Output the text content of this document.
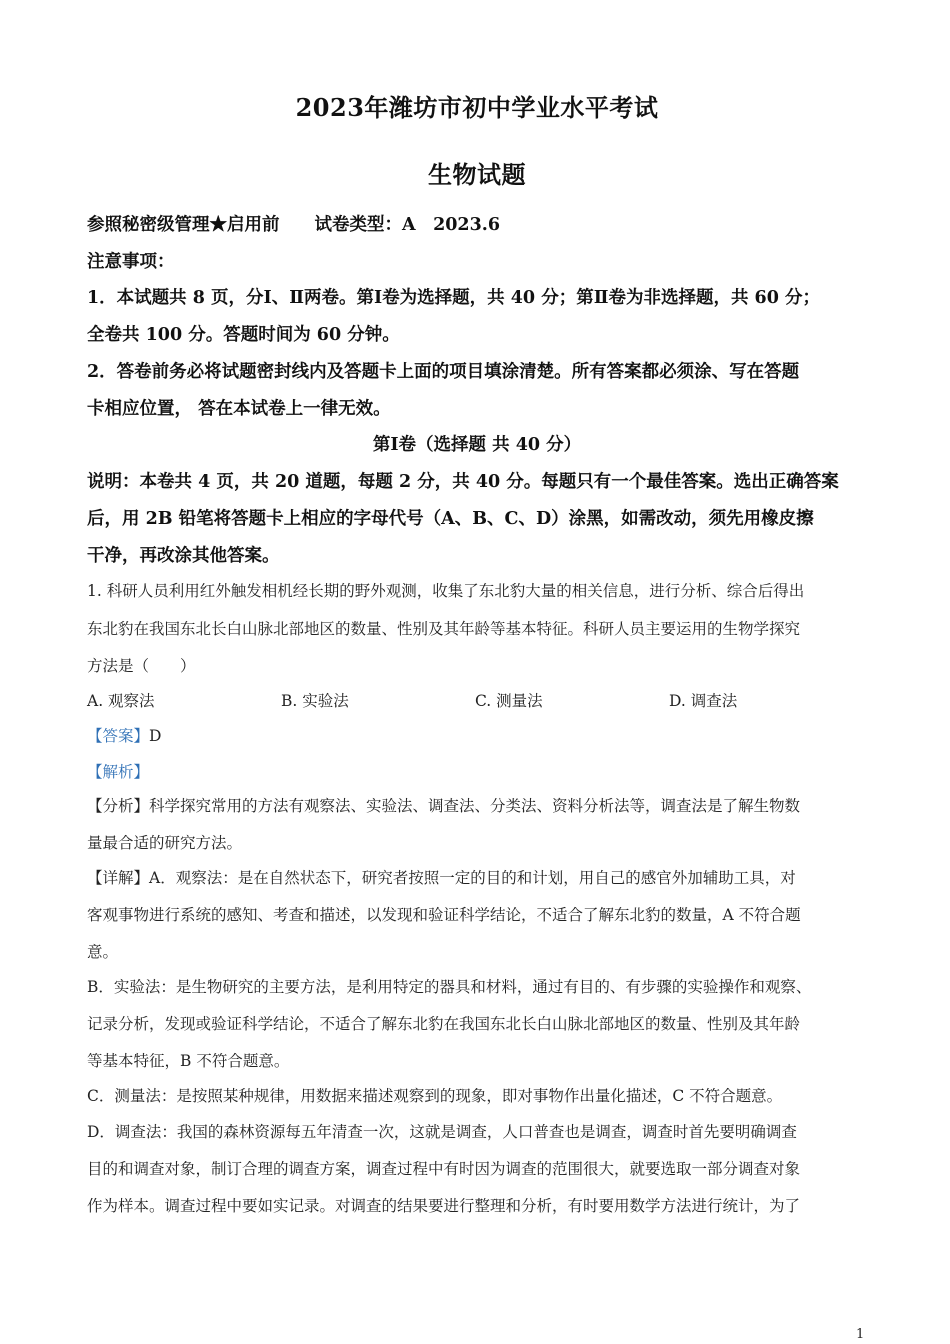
2023年潍坊市初中学业水平考试
生物试题
参照秘密级管理★启用前　　试卷类型：A　2023.6
注意事项：
1．本试题共 8 页，分Ⅰ、Ⅱ两卷。第Ⅰ卷为选择题，共 40 分；第Ⅱ卷为非选择题，共 60 分；
全卷共 100 分。答题时间为 60 分钟。
2．答卷前务必将试题密封线内及答题卡上面的项目填涂清楚。所有答案都必须涂、写在答题
卡相应位置， 答在本试卷上一律无效。
第Ⅰ卷（选择题 共 40 分）
说明：本卷共 4 页，共 20 道题，每题 2 分，共 40 分。每题只有一个最佳答案。选出正确答案
后，用 2B 铅笔将答题卡上相应的字母代号（A、B、C、D）涂黑，如需改动，须先用橡皮擦
干净，再改涂其他答案。
1. 科研人员利用红外触发相机经长期的野外观测，收集了东北豹大量的相关信息，进行分析、综合后得出
东北豹在我国东北长白山脉北部地区的数量、性别及其年龄等基本特征。科研人员主要运用的生物学探究
方法是（　　）
A. 观察法	B. 实验法	C. 测量法	D. 调查法
【答案】D
【解析】
【分析】科学探究常用的方法有观察法、实验法、调查法、分类法、资料分析法等，调查法是了解生物数
量最合适的研究方法。
【详解】A．观察法：是在自然状态下，研究者按照一定的目的和计划，用自己的感官外加辅助工具，对
客观事物进行系统的感知、考查和描述，以发现和验证科学结论，不适合了解东北豹的数量，A 不符合题
意。
B．实验法：是生物研究的主要方法，是利用特定的器具和材料，通过有目的、有步骤的实验操作和观察、
记录分析，发现或验证科学结论，不适合了解东北豹在我国东北长白山脉北部地区的数量、性别及其年龄
等基本特征，B 不符合题意。
C．测量法：是按照某种规律，用数据来描述观察到的现象，即对事物作出量化描述，C 不符合题意。
D．调查法：我国的森林资源每五年清查一次，这就是调查，人口普查也是调查，调查时首先要明确调查
目的和调查对象，制订合理的调查方案，调查过程中有时因为调查的范围很大，就要选取一部分调查对象
作为样本。调查过程中要如实记录。对调查的结果要进行整理和分析，有时要用数学方法进行统计，为了
1
